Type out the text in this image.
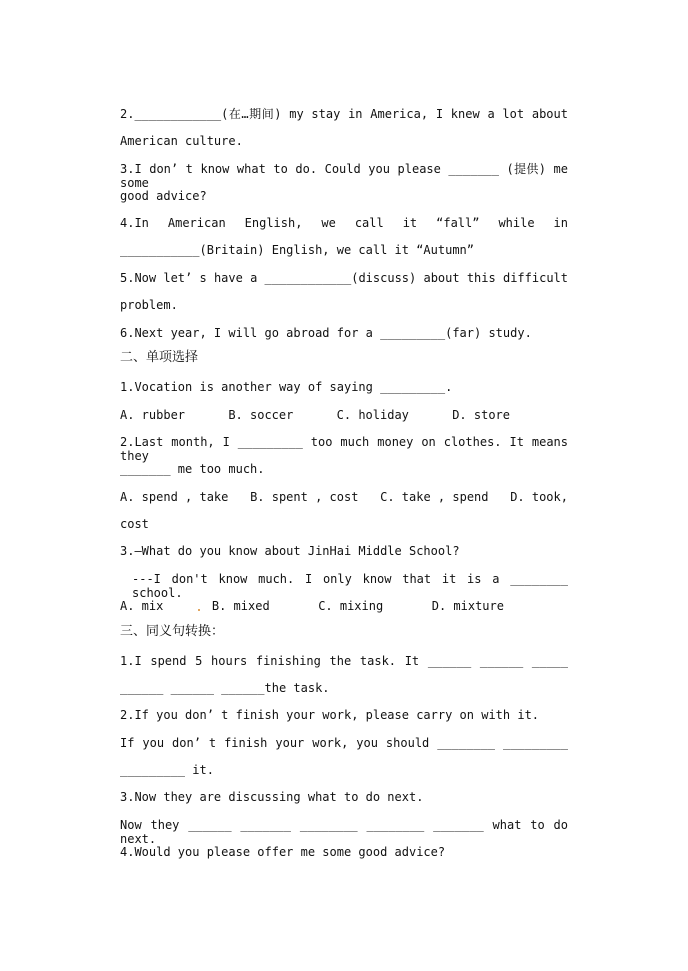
2.____________(在…期间) my stay in America, I knew a lot about
American culture.
3.I don’ t know what to do. Could you please _______ (提供) me some
good advice?
4.In American English, we call it “fall” while in
___________(Britain) English, we call it “Autumn”
5.Now let’ s have a ____________(discuss) about this difficult
problem.
6.Next year, I will go abroad for a _________(far) study.
二、单项选择
1.Vocation is another way of saying _________.
A. rubber	B. soccer	C. holiday	D. store
2.Last month, I _________ too much money on clothes. It means they
_______ me too much.
A. spend , take B. spent , cost C. take , spend D. took,
cost
3.—What do you know about JinHai Middle School?
---I don't know much. I only know that it is a ________ school.
A. mix	B. mixed	C. mixing	D. mixture
三、同义句转换：
1.I spend 5 hours finishing the task. It ______ ______ _____
______ ______ ______the task.
2.If you don’ t finish your work, please carry on with it.
If you don’ t finish your work, you should ________ _________
_________ it.
3.Now they are discussing what to do next.
Now they ______ _______ ________ ________ _______ what to do next.
4.Would you please offer me some good advice?
